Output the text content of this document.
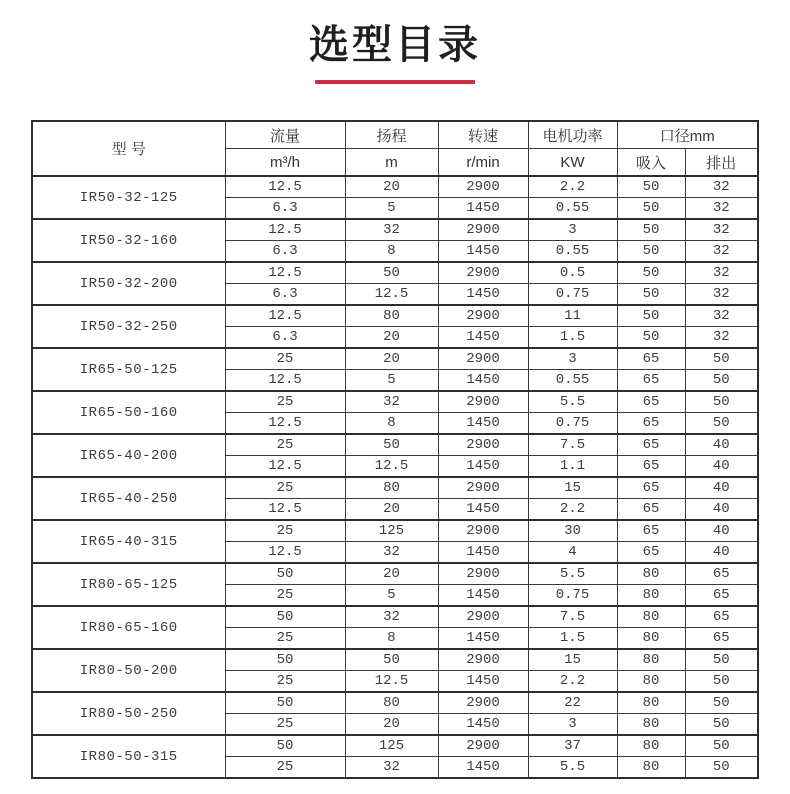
选型目录
型 号	流量	扬程	转速	电机功率	口径mm	
	m³/h	m	r/min	KW	吸入	排出
IR50-32-125	12.5	20	2900	2.2	50	32
	6.3	5	1450	0.55	50	32
IR50-32-160	12.5	32	2900	3	50	32
	6.3	8	1450	0.55	50	32
IR50-32-200	12.5	50	2900	0.5	50	32
	6.3	12.5	1450	0.75	50	32
IR50-32-250	12.5	80	2900	11	50	32
	6.3	20	1450	1.5	50	32
IR65-50-125	25	20	2900	3	65	50
	12.5	5	1450	0.55	65	50
IR65-50-160	25	32	2900	5.5	65	50
	12.5	8	1450	0.75	65	50
IR65-40-200	25	50	2900	7.5	65	40
	12.5	12.5	1450	1.1	65	40
IR65-40-250	25	80	2900	15	65	40
	12.5	20	1450	2.2	65	40
IR65-40-315	25	125	2900	30	65	40
	12.5	32	1450	4	65	40
IR80-65-125	50	20	2900	5.5	80	65
	25	5	1450	0.75	80	65
IR80-65-160	50	32	2900	7.5	80	65
	25	8	1450	1.5	80	65
IR80-50-200	50	50	2900	15	80	50
	25	12.5	1450	2.2	80	50
IR80-50-250	50	80	2900	22	80	50
	25	20	1450	3	80	50
IR80-50-315	50	125	2900	37	80	50
	25	32	1450	5.5	80	50
